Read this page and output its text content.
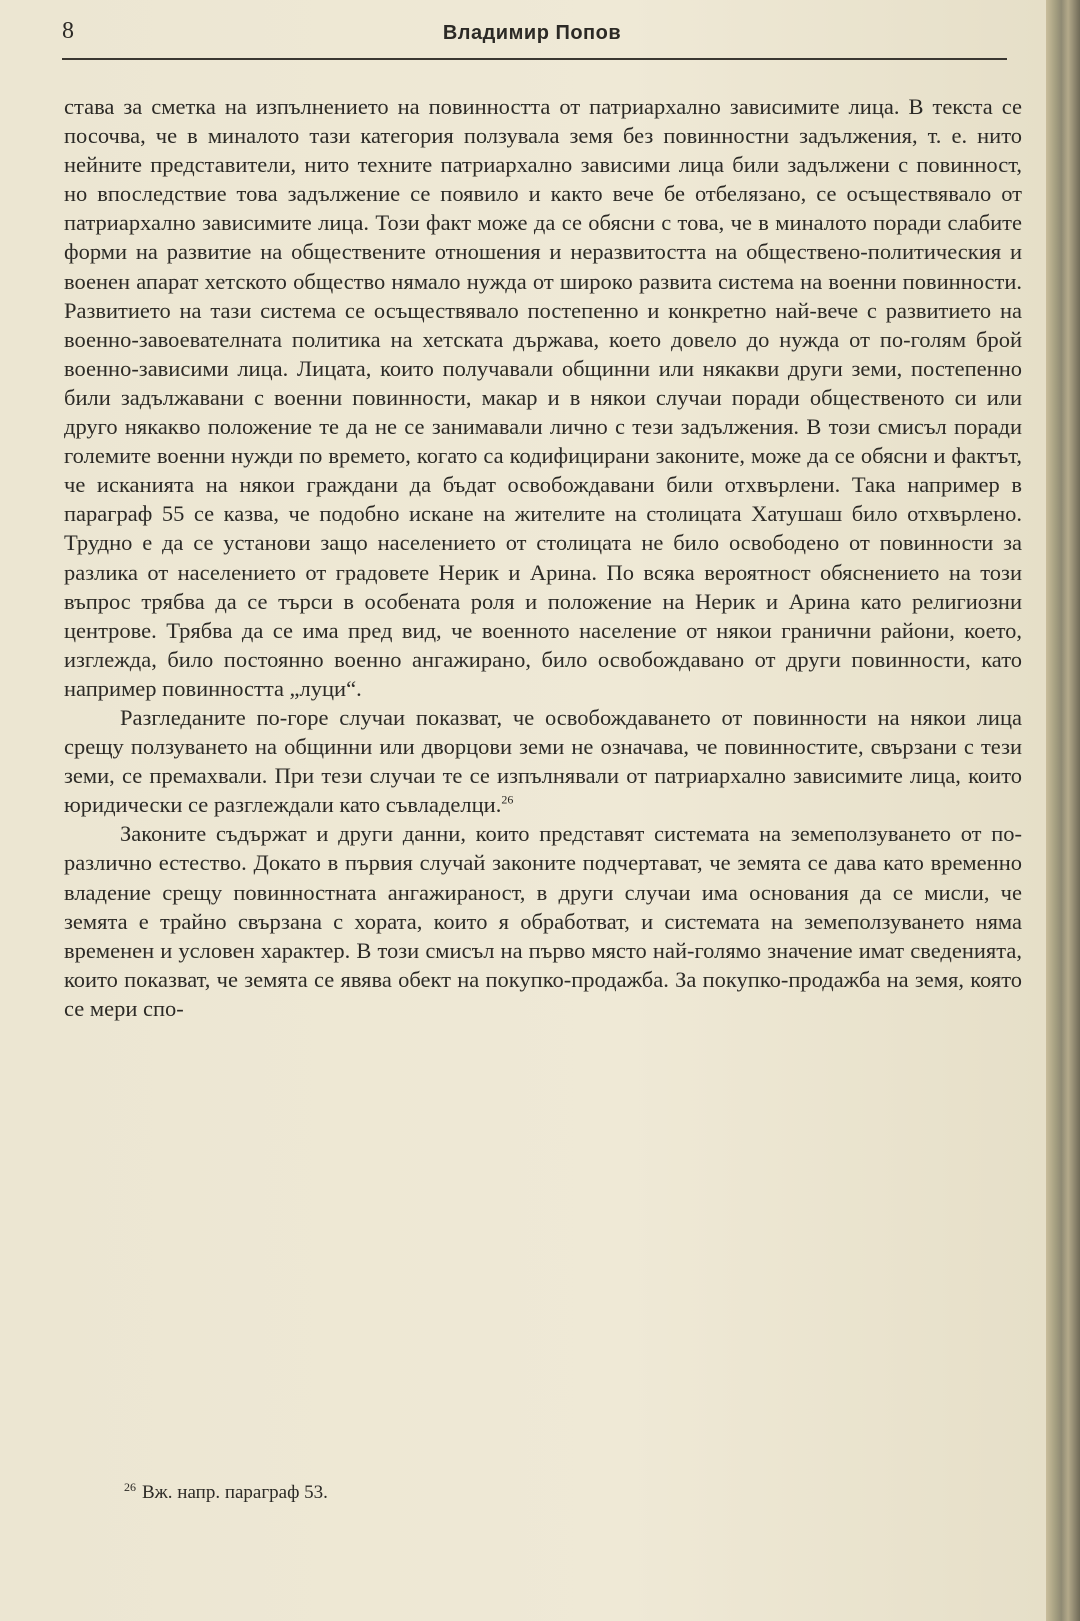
8	Владимир Попов

става за сметка на изпълнението на повинността от патриархално зависимите лица. В текста се посочва, че в миналото тази категория ползувала земя без повинностни задължения, т. е. нито нейните представители, нито техните патриархално зависими лица били задължени с повинност, но впоследствие това задължение се появило и както вече бе отбелязано, се осъществявало от патриархално зависимите лица. Този факт може да се обясни с това, че в миналото поради слабите форми на развитие на обществените отношения и неразвитостта на обществено-политическия и военен апарат хетското общество нямало нужда от широко развита система на военни повинности. Развитието на тази система се осъществявало постепенно и конкретно най-вече с развитието на военно-завоевателната политика на хетската държава, което довело до нужда от по-голям брой военно-зависими лица. Лицата, които получавали общинни или някакви други земи, постепенно били задължавани с военни повинности, макар и в някои случаи поради общественото си или друго някакво положение те да не се занимавали лично с тези задължения. В този смисъл поради големите военни нужди по времето, когато са кодифицирани законите, може да се обясни и фактът, че исканията на някои граждани да бъдат освобождавани били отхвърлени. Така например в параграф 55 се казва, че подобно искане на жителите на столицата Хатушаш било отхвърлено. Трудно е да се установи защо населението от столицата не било освободено от повинности за разлика от населението от градовете Нерик и Арина. По всяка вероятност обяснението на този въпрос трябва да се търси в особената роля и положение на Нерик и Арина като религиозни центрове. Трябва да се има пред вид, че военното население от някои гранични райони, което, изглежда, било постоянно военно ангажирано, било освобождавано от други повинности, като например повинността „луци“.

Разгледаните по-горе случаи показват, че освобождаването от повинности на някои лица срещу ползуването на общинни или дворцови земи не означава, че повинностите, свързани с тези земи, се премахвали. При тези случаи те се изпълнявали от патриархално зависимите лица, които юридически се разглеждали като съвладелци.$^{26}$

Законите съдържат и други данни, които представят системата на земеползуването от по-различно естество. Докато в първия случай законите подчертават, че земята се дава като временно владение срещу повинностната ангажираност, в други случаи има основания да се мисли, че земята е трайно свързана с хората, които я обработват, и системата на земеползуването няма временен и условен характер. В този смисъл на първо място най-голямо значение имат сведенията, които показват, че земята се явява обект на покупко-продажба. За покупко-продажба на земя, която се мери спо-

$^{26}$ Вж. напр. параграф 53.
